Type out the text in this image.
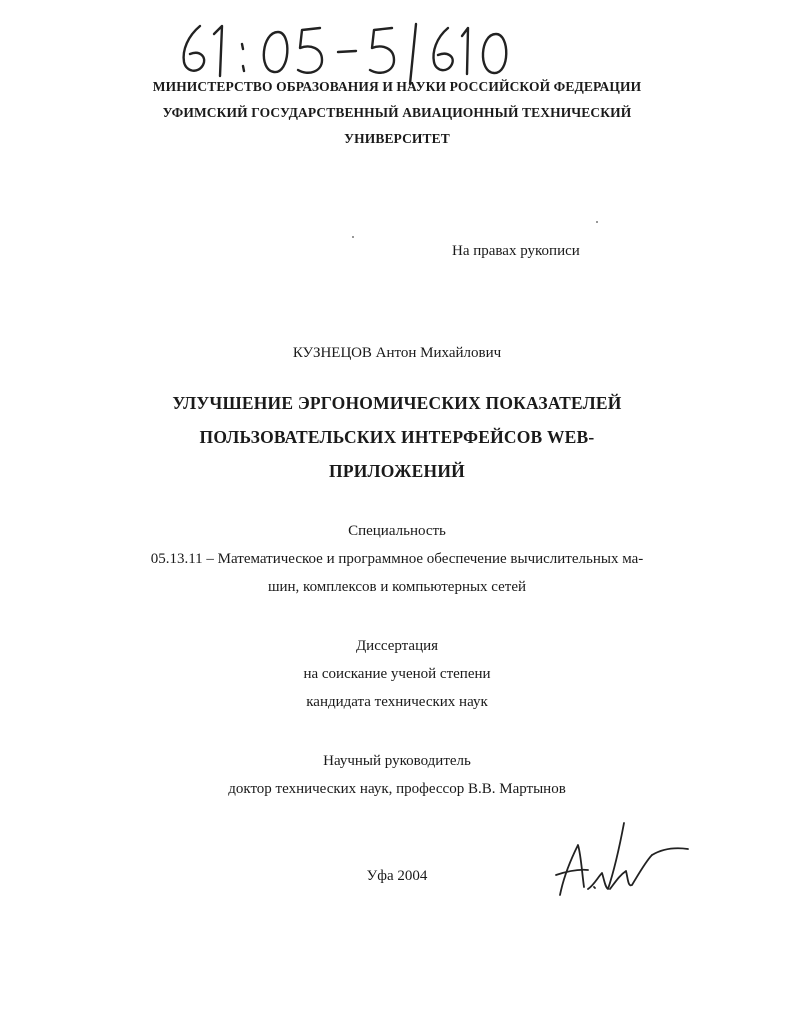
МИНИСТЕРСТВО ОБРАЗОВАНИЯ И НАУКИ РОССИЙСКОЙ ФЕДЕРАЦИИ
УФИМСКИЙ ГОСУДАРСТВЕННЫЙ АВИАЦИОННЫЙ ТЕХНИЧЕСКИЙ
УНИВЕРСИТЕТ
На правах рукописи
КУЗНЕЦОВ Антон Михайлович
УЛУЧШЕНИЕ ЭРГОНОМИЧЕСКИХ ПОКАЗАТЕЛЕЙ
ПОЛЬЗОВАТЕЛЬСКИХ ИНТЕРФЕЙСОВ WEB-
ПРИЛОЖЕНИЙ
Специальность
05.13.11 – Математическое и программное обеспечение вычислительных ма-
шин, комплексов и компьютерных сетей
Диссертация
на соискание ученой степени
кандидата технических наук
Научный руководитель
доктор технических наук, профессор В.В. Мартынов
Уфа 2004
